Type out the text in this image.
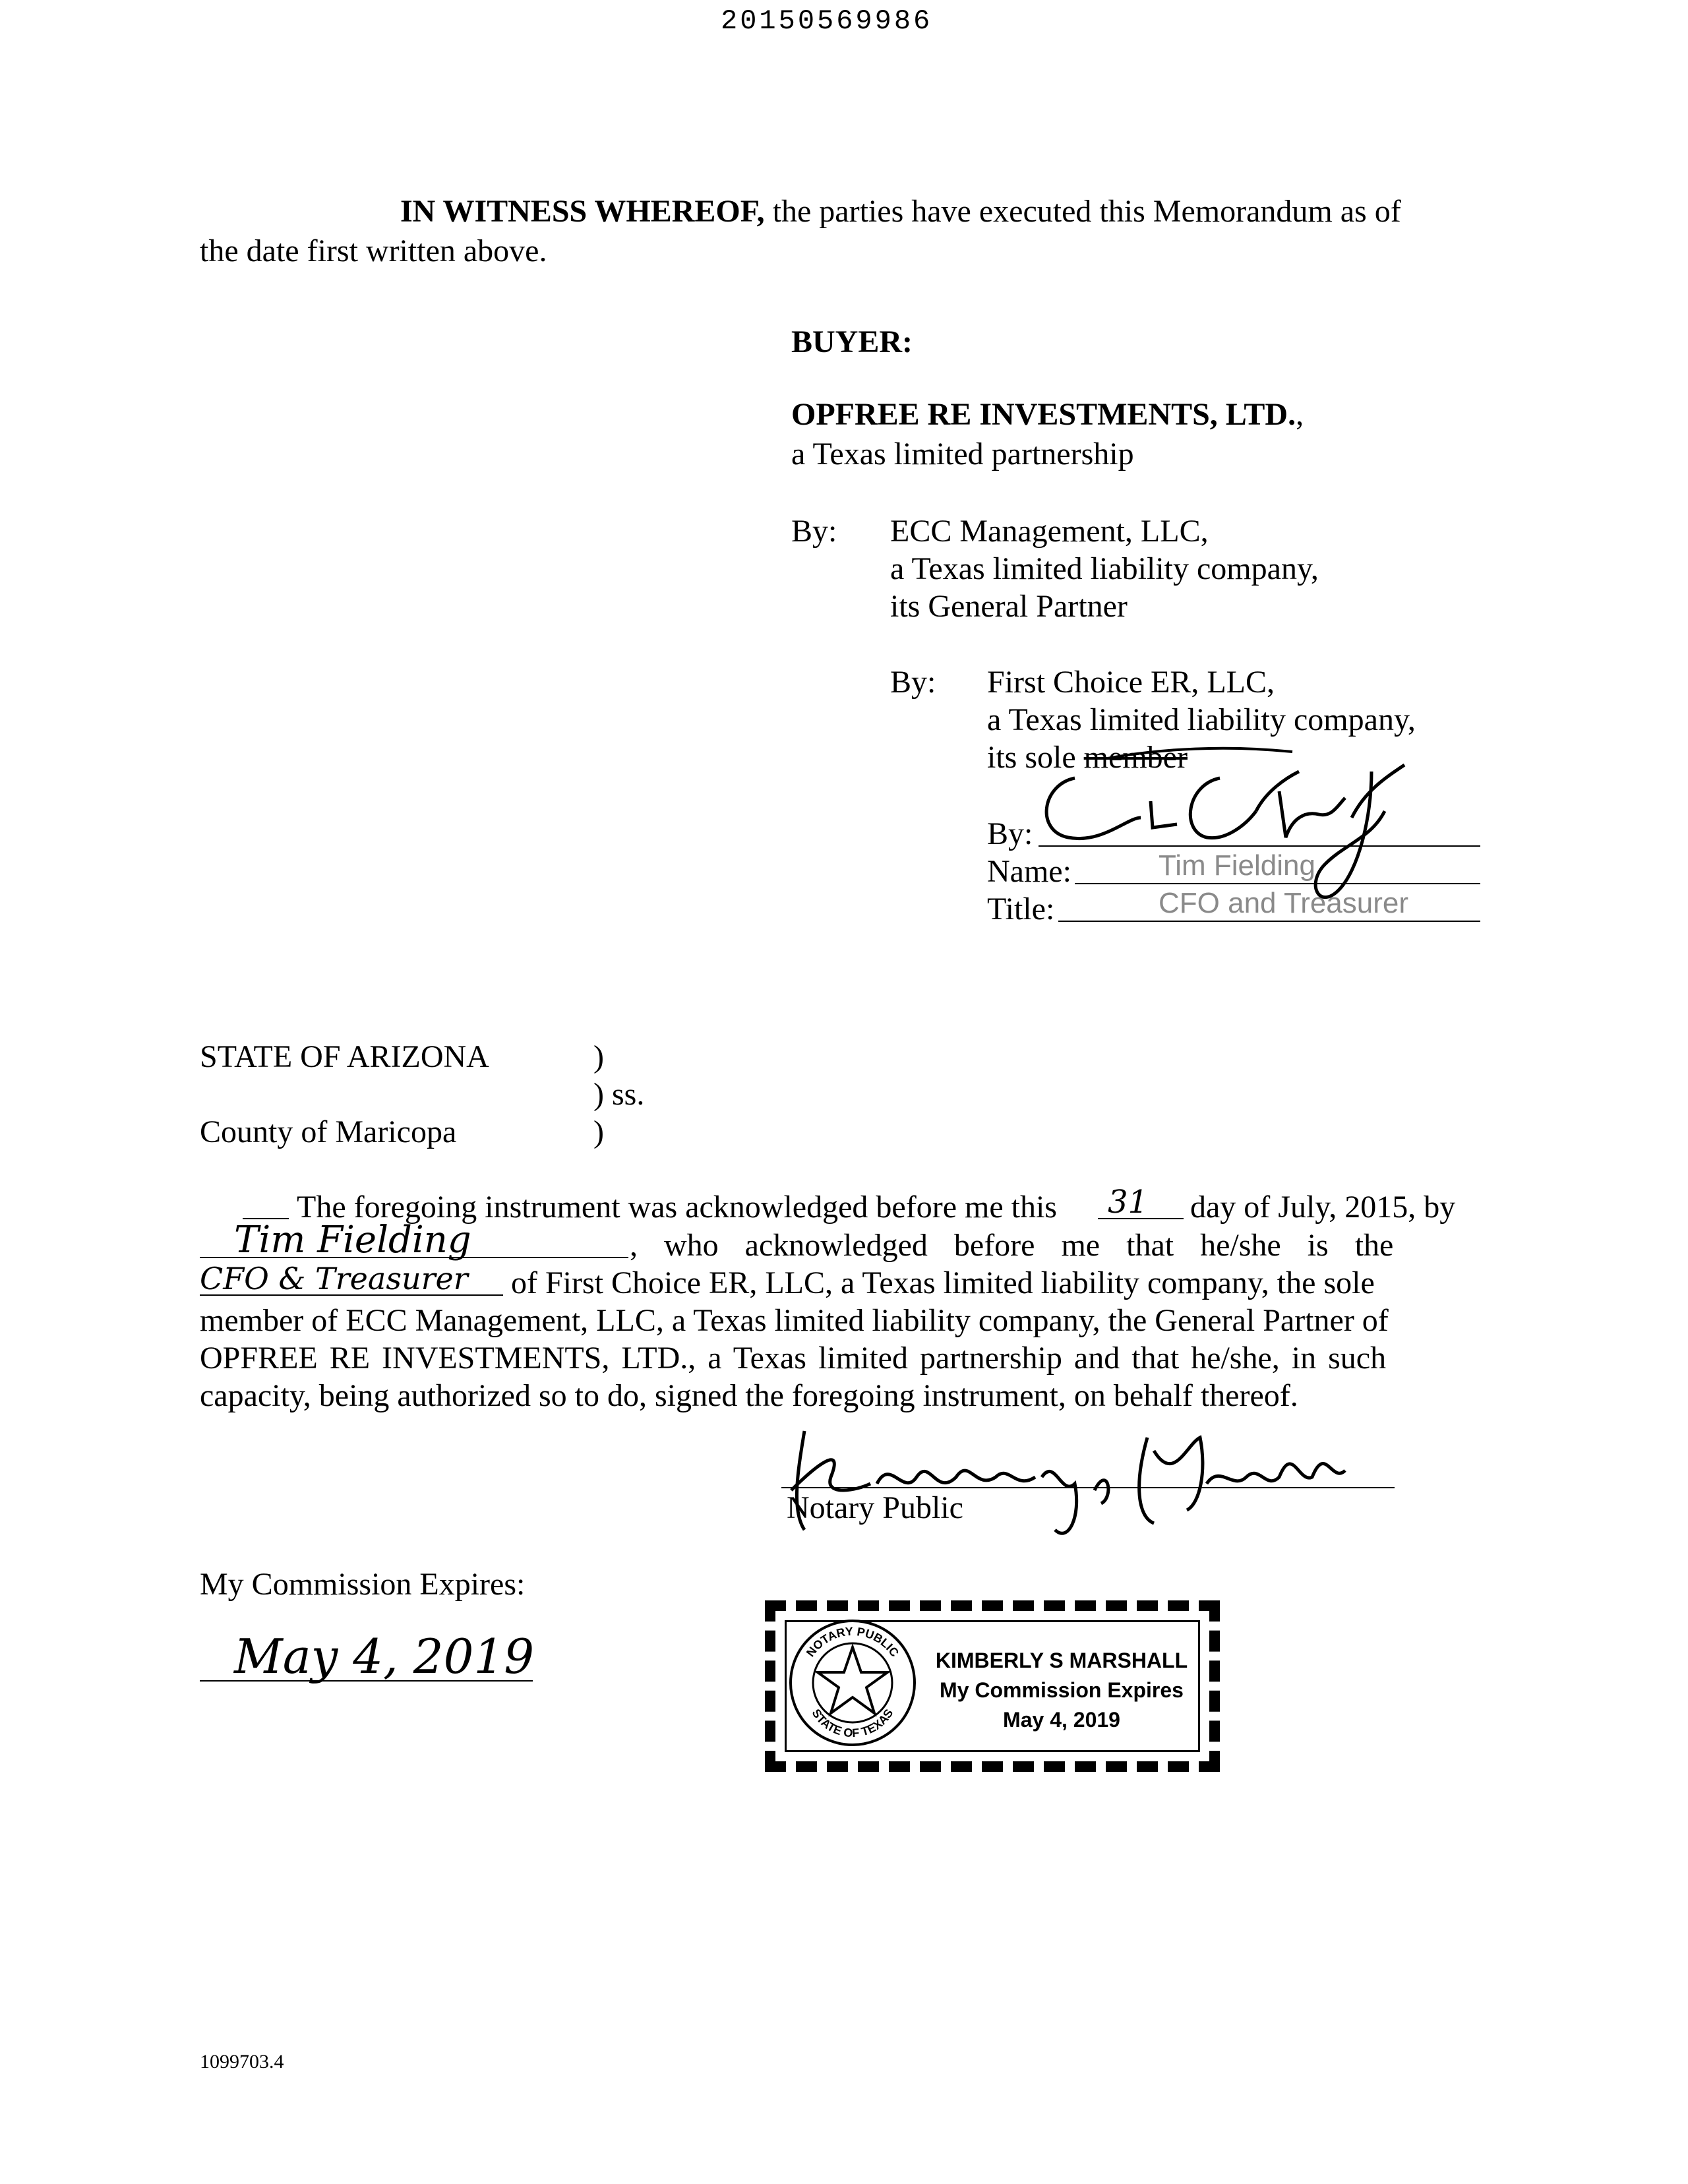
20150569986
IN WITNESS WHEREOF, the parties have executed this Memorandum as of
the date first written above.
BUYER:
OPFREE RE INVESTMENTS, LTD.,
a Texas limited partnership
By: ECC Management, LLC,
a Texas limited liability company,
its General Partner
By: First Choice ER, LLC,
a Texas limited liability company,
its sole member
By:
Name:	Tim Fielding
Title:	CFO and Treasurer
STATE OF ARIZONA	)
) ss.
County of Maricopa	)
The foregoing instrument was acknowledged before me this 31 day of July, 2015, by
Tim Fielding	, who acknowledged before me that he/she is the
CFO & Treasurer of First Choice ER, LLC, a Texas limited liability company, the sole
member of ECC Management, LLC, a Texas limited liability company, the General Partner of
OPFREE RE INVESTMENTS, LTD., a Texas limited partnership and that he/she, in such
capacity, being authorized so to do, signed the foregoing instrument, on behalf thereof.
Notary Public
My Commission Expires:
May 4, 2019	NOTARY PUBLIC
STATE OF TEXAS
KIMBERLY S MARSHALL
My Commission Expires
May 4, 2019
1099703.4
